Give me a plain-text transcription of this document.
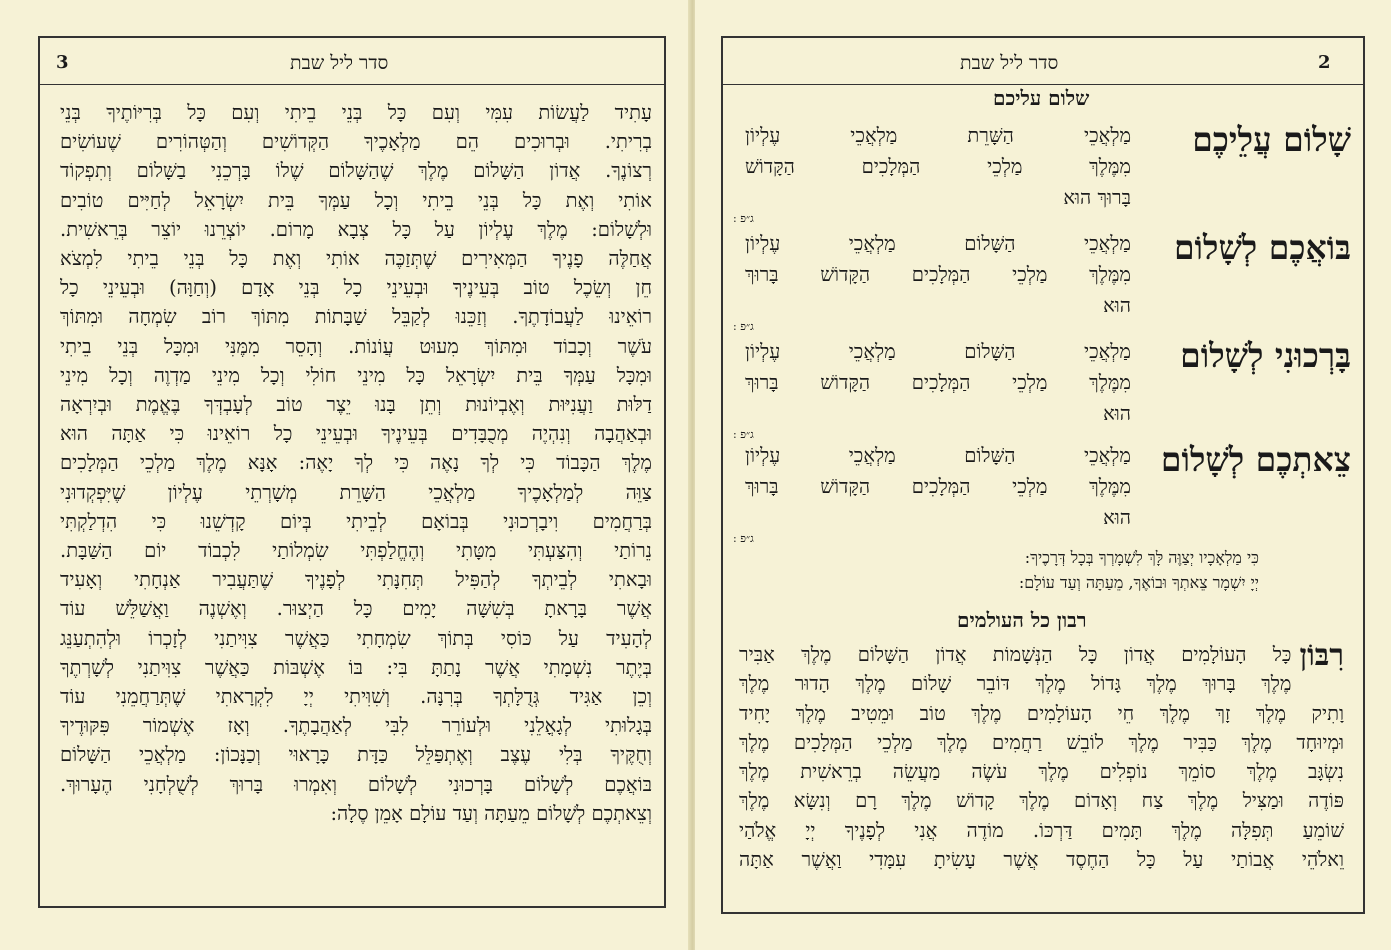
סדר ליל שבת
3
עָתִיד לַעֲשׂוֹת עִמִּי וְעִם כָּל בְּנֵי בֵיתִי וְעִם כָּל בְּרִיּוֹתֶיךָ בְּנֵי
בְרִיתִי. וּבְרוּכִים הֵם מַלְאָכֶיךָ הַקְּדוֹשִׁים וְהַטְּהוֹרִים שֶׁעוֹשִׂים
רְצוֹנֶךָ. אֲדוֹן הַשָּׁלוֹם מֶלֶךְ שֶׁהַשָּׁלוֹם שֶׁלוֹ בָּרְכֵנִי בַשָּׁלוֹם וְתִפְקוֹד
אוֹתִי וְאֶת כָּל בְּנֵי בֵיתִי וְכָל עַמְּךָ בֵּית יִשְׂרָאֵל לְחַיִּים טוֹבִים
וּלְשָׁלוֹם: מֶלֶךְ עֶלְיוֹן עַל כָּל צְבָא מָרוֹם. יוֹצְרֵנוּ יוֹצֵר בְּרֵאשִׁית.
אֲחַלֶּה פָנֶיךָ הַמְּאִירִים שֶׁתְּזַכֶּה אוֹתִי וְאֶת כָּל בְּנֵי בֵיתִי לִמְצֹא
חֵן וְשֵׂכֶל טוֹב בְּעֵינֶיךָ וּבְעֵינֵי כָל בְּנֵי אָדָם (וְחַוָּה) וּבְעֵינֵי כָל
רוֹאֵינוּ לַעֲבוֹדָתֶךָ. וְזַכֵּנוּ לְקַבֵּל שַׁבָּתוֹת מִתּוֹךְ רוֹב שִׂמְחָה וּמִתּוֹךְ
עֹשֶׁר וְכָבוֹד וּמִתּוֹךְ מִעוּט עֲוֹנוֹת. וְהָסֵר מִמֶּנִּי וּמִכָּל בְּנֵי בֵיתִי
וּמִכָּל עַמְּךָ בֵּית יִשְׂרָאֵל כָּל מִינֵי חוֹלִי וְכָל מִינֵי מַדְוֶה וְכָל מִינֵי
דַלּוּת וַעֲנִיּוּת וְאֶבְיוֹנוּת וְתֵן בָּנוּ יֵצֶר טוֹב לְעָבְדְּךָ בֶּאֱמֶת וּבְיִרְאָה
וּבְאַהֲבָה וְנִהְיֶה מְכֻבָּדִים בְּעֵינֶיךָ וּבְעֵינֵי כָל רוֹאֵינוּ כִּי אַתָּה הוּא
מֶלֶךְ הַכָּבוֹד כִּי לְךָ נָאֶה כִּי לְךָ יָאֶה: אָנָּא מֶלֶךְ מַלְכֵי הַמְּלָכִים
צַוֵּה לְמַלְאָכֶיךָ מַלְאֲכֵי הַשָּׁרֵת מְשָׁרְתֵי עֶלְיוֹן שֶׁיִּפְקְדוּנִי
בְּרַחֲמִים וִיבָרְכוּנִי בְּבוֹאָם לְבֵיתִי בְּיוֹם קָדְשֵׁנוּ כִּי הִדְלַקְתִּי
נֵרוֹתַי וְהִצַּעְתִּי מִטָּתִי וְהֶחֱלַפְתִּי שִׂמְלוֹתַי לִכְבוֹד יוֹם הַשַּׁבָּת.
וּבָאתִי לְבֵיתְךָ לְהַפִּיל תְּחִנָּתִי לְפָנֶיךָ שֶׁתַּעֲבִיר אַנְחָתִי וְאָעִיד
אֲשֶׁר בָּרָאתָ בְּשִׁשָּׁה יָמִים כָּל הַיְצוּר. וְאֶשְׁנֶה וַאֲשַׁלֵּשׁ עוֹד
לְהָעִיד עַל כּוֹסִי בְּתוֹךְ שִׂמְחָתִי כַּאֲשֶׁר צִוִּיתַנִי לְזָכְרוֹ וּלְהִתְעַנֵּג
בְּיֶתֶר נִשְׁמָתִי אֲשֶׁר נָתַתָּ בִּי: בּוֹ אֶשְׁבּוֹת כַּאֲשֶׁר צִוִּיתַנִי לְשָׁרְתֶךָ
וְכֵן אַגִּיד גְּדֻלָּתְךָ בְּרִנָּה. וְשִׁוִּיתִי יְיָ לִקְרָאתִי שֶׁתְּרַחֲמֵנִי עוֹד
בְּגָלוּתִי לְגָאֳלֵנִי וּלְעוֹרֵר לִבִּי לְאַהֲבָתֶךָ. וְאָז אֶשְׁמוֹר פִּקּוּדֶיךָ
וְחֻקֶּיךָ בְּלִי עֶצֶב וְאֶתְפַּלֵּל כַּדָּת כָּרָאוּי וְכַנָּכוֹן: מַלְאֲכֵי הַשָּׁלוֹם
בּוֹאֲכֶם לְשָׁלוֹם בָּרְכוּנִי לְשָׁלוֹם וְאִמְרוּ בָּרוּךְ לְשֻׁלְחָנִי הֶעָרוּךְ.
וְצֵאתְכֶם לְשָׁלוֹם מֵעַתָּה וְעַד עוֹלָם אָמֵן סֶלָה:
סדר ליל שבת	2
שלום עליכם
כִּי מַלְאָכָיו יְצַוֶּה לָּךְ לִשְׁמָרְךָ בְּכָל דְּרָכֶיךָ:
יְיָ יִשְׁמָר צֵאתְךָ וּבוֹאֶךָ, מֵעַתָּה וְעַד עוֹלָם:
רבון כל העולמים
רִבּוֹן
כָּל הָעוֹלָמִים אֲדוֹן כָּל הַנְּשָׁמוֹת אֲדוֹן הַשָּׁלוֹם מֶלֶךְ אַבִּיר
מֶלֶךְ בָּרוּךְ מֶלֶךְ גָּדוֹל מֶלֶךְ דּוֹבֵר שָׁלוֹם מֶלֶךְ הָדוּר מֶלֶךְ
וָתִיק מֶלֶךְ זָךְ מֶלֶךְ חֵי הָעוֹלָמִים מֶלֶךְ טוֹב וּמֵטִיב מֶלֶךְ יָחִיד
וּמְיוּחָד מֶלֶךְ כַּבִּיר מֶלֶךְ לוֹבֵשׁ רַחֲמִים מֶלֶךְ מַלְכֵי הַמְּלָכִים מֶלֶךְ
נִשְׂגָּב מֶלֶךְ סוֹמֵךְ נוֹפְלִים מֶלֶךְ עֹשֶׂה מַעֲשֵׂה בְרֵאשִׁית מֶלֶךְ
פּוֹדֶה וּמַצִּיל מֶלֶךְ צַח וְאָדוֹם מֶלֶךְ קָדוֹשׁ מֶלֶךְ רָם וְנִשָּׂא מֶלֶךְ
שׁוֹמֵעַ תְּפִלָּה מֶלֶךְ תָּמִים דַּרְכּוֹ. מוֹדֶה אֲנִי לְפָנֶיךָ יְיָ אֱלֹהַי
וֵאלֹהֵי אֲבוֹתַי עַל כָּל הַחֶסֶד אֲשֶׁר עָשִׂיתָ עִמָּדִי וַאֲשֶׁר אַתָּה
שָׁלוֹם עֲלֵיכֶם
מַלְאֲכֵי הַשָּׁרֵת מַלְאֲכֵי עֶלְיוֹן
מִמֶּלֶךְ מַלְכֵי הַמְּלָכִים הַקָּדוֹשׁ
בָּרוּךְ הוּא
ג״פ :
בּוֹאֲכֶם לְשָׁלוֹם
מַלְאֲכֵי הַשָּׁלוֹם מַלְאֲכֵי עֶלְיוֹן
מִמֶּלֶךְ מַלְכֵי הַמְּלָכִים הַקָּדוֹשׁ בָּרוּךְ
הוּא
ג״פ :
בָּרְכוּנִי לְשָׁלוֹם
מַלְאֲכֵי הַשָּׁלוֹם מַלְאֲכֵי עֶלְיוֹן
מִמֶּלֶךְ מַלְכֵי הַמְּלָכִים הַקָּדוֹשׁ בָּרוּךְ
הוּא
ג״פ :
צֵאתְכֶם לְשָׁלוֹם
מַלְאֲכֵי הַשָּׁלוֹם מַלְאֲכֵי עֶלְיוֹן
מִמֶּלֶךְ מַלְכֵי הַמְּלָכִים הַקָּדוֹשׁ בָּרוּךְ
הוּא
ג״פ :
